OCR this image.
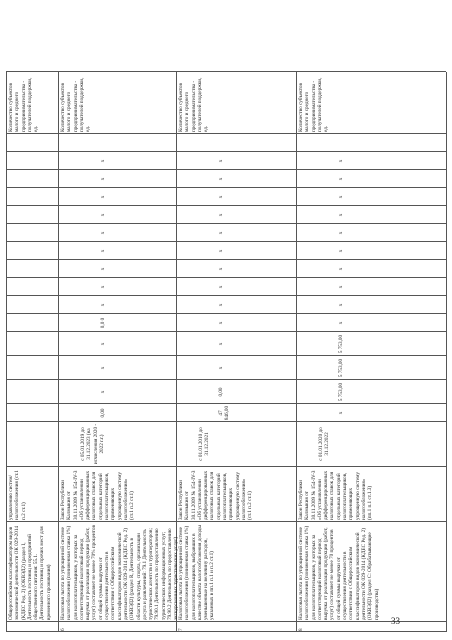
Общероссийским классификатором видов экономической деятельности ОК 029-2014 (КДЕС Ред. 2) (ОКВЭД2) (раздел I, Деятельность гостиниц и предприятий общественного питания: 55.1. Деятельность гостиниц и прочих мест для временного проживания)
управлению систем/ налогообложения (ст.1 п.2 ст.1)
Количество субъектов малого и среднего предпринимательства - получателей поддержки, ед.
6
Налоговая льгота по упрощенной системе налогообложения (пониженная ставка 1%) для налогоплательщиков, у которых за соответствующий налоговый период выручка от реализации продукции (работ, услуг) составляет не менее 70% процентов от общей суммы выручки от осуществления деятельности в соответствии с Общероссийским классификатором видов экономической деятельности ОК 029-2014 (КДЕС Ред. 2) (ОКВЭД2) (раздел R, Деятельность в области культуры, спорта, организации досуга и развлечений: 79.1 Деятельность туристических агентств и туроператоров; 79.90.1 Деятельность по предоставлению туристических информационных услуг; 79.90.2 Деятельность по предоставлению экскурсионных туристических услуг)
Закон Республики Калмыкия от 30.11.2009 № 154-IV-З «Об установлении дифференцированных налоговых ставок для отдельных категорий налогоплательщиков, применяющих упрощенную систему налогообложения» (ст.1 п.2 ст.1)
с 05.01.2019 до 31.12.2023 (на исчисления 2020 - 2022 г.г.)
0,00
x
x
x
0,0 0
x
x
x
x
x
x
x
x
x
Количество субъектов малого и среднего предпринимательства - получателей поддержки, ед.
7
Налоговая льгота по упрощенной системе налогообложения (пониженная ставка 1%) для налогоплательщиков, выбравших в качестве объекта налогообложения доходы уменьшенные на величину расходов, указанных в пп.1 п.1 и п.2 ст.1)
Закон Республики Калмыкия от 30.11.2009 № 154-IV-З «Об установлении дифференцированных налоговых ставок для отдельных категорий налогоплательщиков, применяющих упрощенную систему налогообложения» (ст.1 п.2 ст.1)
с 01.01.2010 до 31.12.2021
47 846,00
0,00
x
x
x
x
x
x
x
x
x
x
x
x
Количество субъектов малого и среднего предпринимательства - получателей поддержки, ед.
8
Налоговая льгота по упрощенной системе налогообложения (пониженная ставка 1%) для налогоплательщиков, у которых за соответствующий налоговый период выручка от реализации продукции (работ, услуг) составляет не менее 70 процентов от общей суммы выручки от осуществления деятельности в соответствии с Общероссийским классификатором видов экономической деятельности ОК 029-2014 (КДЕС Ред. 2) (ОКВЭД2) (раздел С: Обрабатывающие производства)
Закон Республики Калмыкия от 30.11.2009 № 154-IV-З «Об установлении дифференцированных налоговых ставок для отдельных категорий налогоплательщиков, применяющих упрощенную систему налогообложения» (пп.1 п.1 ст.1.3)
с 01.01.2020 до 31.12.2022
x
5 753,00
5 753,00
5 753,00
x
x
x
x
x
x
x
x
x
x
Количество субъектов малого и среднего предпринимательства - получателей поддержки, ед.
33
